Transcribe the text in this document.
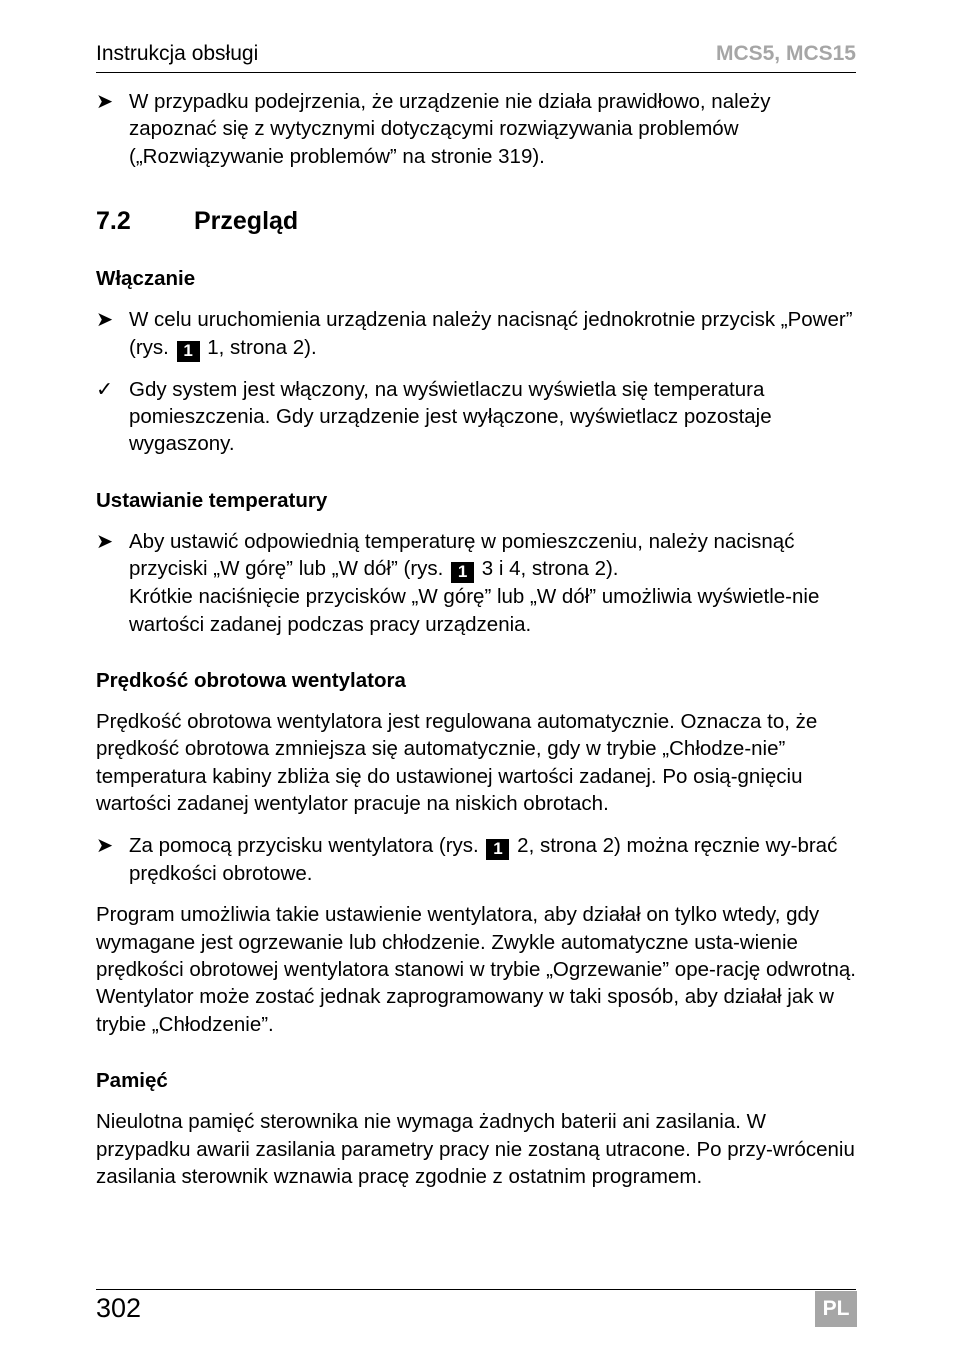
Instrukcja obsługi	MCS5, MCS15
➤ W przypadku podejrzenia, że urządzenie nie działa prawidłowo, należy zapoznać się z wytycznymi dotyczącymi rozwiązywania problemów („Rozwiązywanie problemów” na stronie 319).
7.2	Przegląd
Włączanie
➤ W celu uruchomienia urządzenia należy nacisnąć jednokrotnie przycisk „Power” (rys. 1 1, strona 2).
✓ Gdy system jest włączony, na wyświetlaczu wyświetla się temperatura pomieszczenia. Gdy urządzenie jest wyłączone, wyświetlacz pozostaje wygaszony.
Ustawianie temperatury
➤ Aby ustawić odpowiednią temperaturę w pomieszczeniu, należy nacisnąć przyciski „W górę” lub „W dół” (rys. 1 3 i 4, strona 2).
Krótkie naciśnięcie przycisków „W górę” lub „W dół” umożliwia wyświetle-nie wartości zadanej podczas pracy urządzenia.
Prędkość obrotowa wentylatora
Prędkość obrotowa wentylatora jest regulowana automatycznie. Oznacza to, że prędkość obrotowa zmniejsza się automatycznie, gdy w trybie „Chłodze-nie” temperatura kabiny zbliża się do ustawionej wartości zadanej. Po osią-gnięciu wartości zadanej wentylator pracuje na niskich obrotach.
➤ Za pomocą przycisku wentylatora (rys. 1 2, strona 2) można ręcznie wy-brać prędkości obrotowe.
Program umożliwia takie ustawienie wentylatora, aby działał on tylko wtedy, gdy wymagane jest ogrzewanie lub chłodzenie. Zwykle automatyczne usta-wienie prędkości obrotowej wentylatora stanowi w trybie „Ogrzewanie” ope-rację odwrotną. Wentylator może zostać jednak zaprogramowany w taki sposób, aby działał jak w trybie „Chłodzenie”.
Pamięć
Nieulotna pamięć sterownika nie wymaga żadnych baterii ani zasilania. W przypadku awarii zasilania parametry pracy nie zostaną utracone. Po przy-wróceniu zasilania sterownik wznawia pracę zgodnie z ostatnim programem.
302	PL
